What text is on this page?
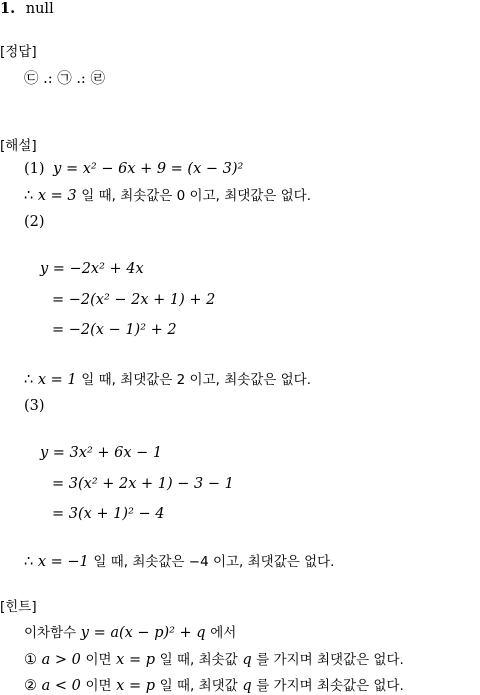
1. null
[정답]
㉢ .: ㉠ .: ㉣
[해설]
(1) y = x² − 6x + 9 = (x − 3)²
∴ x = 3 일 때, 최솟값은 0 이고, 최댓값은 없다.
(2)
y = −2x² + 4x
= −2(x² − 2x + 1) + 2
= −2(x − 1)² + 2
∴ x = 1 일 때, 최댓값은 2 이고, 최솟값은 없다.
(3)
y = 3x² + 6x − 1
= 3(x² + 2x + 1) − 3 − 1
= 3(x + 1)² − 4
∴ x = −1 일 때, 최솟값은 −4 이고, 최댓값은 없다.
[힌트]
이차함수 y = a(x − p)² + q 에서
① a > 0 이면 x = p 일 때, 최솟값 q 를 가지며 최댓값은 없다.
② a < 0 이면 x = p 일 때, 최댓값 q 를 가지며 최솟값은 없다.
